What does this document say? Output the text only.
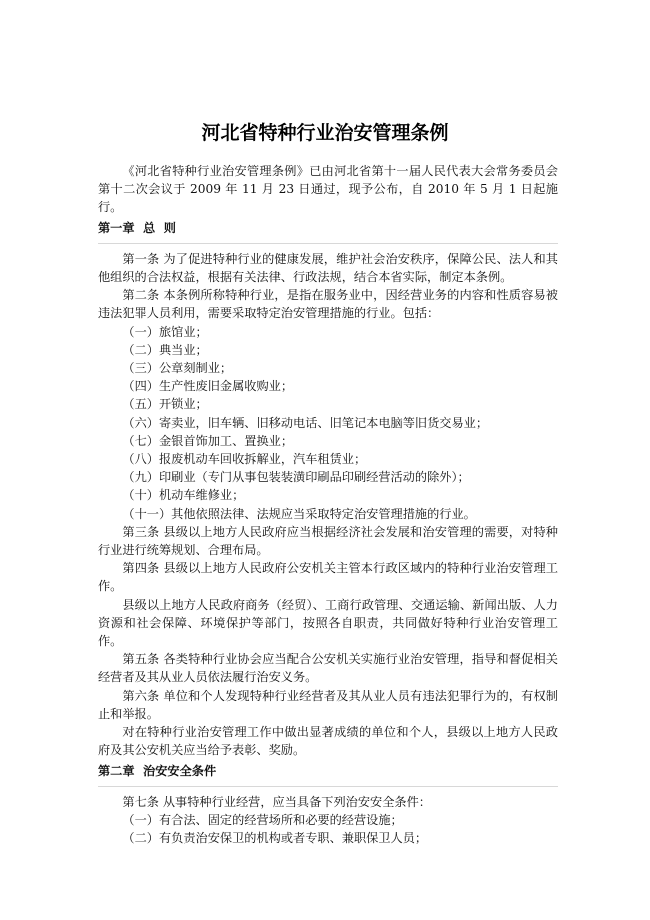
河北省特种行业治安管理条例

《河北省特种行业治安管理条例》已由河北省第十一届人民代表大会常务委员会第十二次会议于 2009 年 11 月 23 日通过，现予公布，自 2010 年 5 月 1 日起施行。

第一章  总  则

第一条 为了促进特种行业的健康发展，维护社会治安秩序，保障公民、法人和其他组织的合法权益，根据有关法律、行政法规，结合本省实际，制定本条例。

第二条 本条例所称特种行业，是指在服务业中，因经营业务的内容和性质容易被违法犯罪人员利用，需要采取特定治安管理措施的行业。包括：

（一）旅馆业；

（二）典当业；

（三）公章刻制业；

（四）生产性废旧金属收购业；

（五）开锁业；

（六）寄卖业，旧车辆、旧移动电话、旧笔记本电脑等旧货交易业；

（七）金银首饰加工、置换业；

（八）报废机动车回收拆解业，汽车租赁业；

（九）印刷业（专门从事包装装潢印刷品印刷经营活动的除外）；

（十）机动车维修业；

（十一）其他依照法律、法规应当采取特定治安管理措施的行业。

第三条 县级以上地方人民政府应当根据经济社会发展和治安管理的需要，对特种行业进行统筹规划、合理布局。

第四条 县级以上地方人民政府公安机关主管本行政区域内的特种行业治安管理工作。

县级以上地方人民政府商务（经贸）、工商行政管理、交通运输、新闻出版、人力资源和社会保障、环境保护等部门，按照各自职责，共同做好特种行业治安管理工作。

第五条 各类特种行业协会应当配合公安机关实施行业治安管理，指导和督促相关经营者及其从业人员依法履行治安义务。

第六条 单位和个人发现特种行业经营者及其从业人员有违法犯罪行为的，有权制止和举报。

对在特种行业治安管理工作中做出显著成绩的单位和个人，县级以上地方人民政府及其公安机关应当给予表彰、奖励。

第二章  治安安全条件

第七条 从事特种行业经营，应当具备下列治安安全条件：

（一）有合法、固定的经营场所和必要的经营设施；

（二）有负责治安保卫的机构或者专职、兼职保卫人员；
